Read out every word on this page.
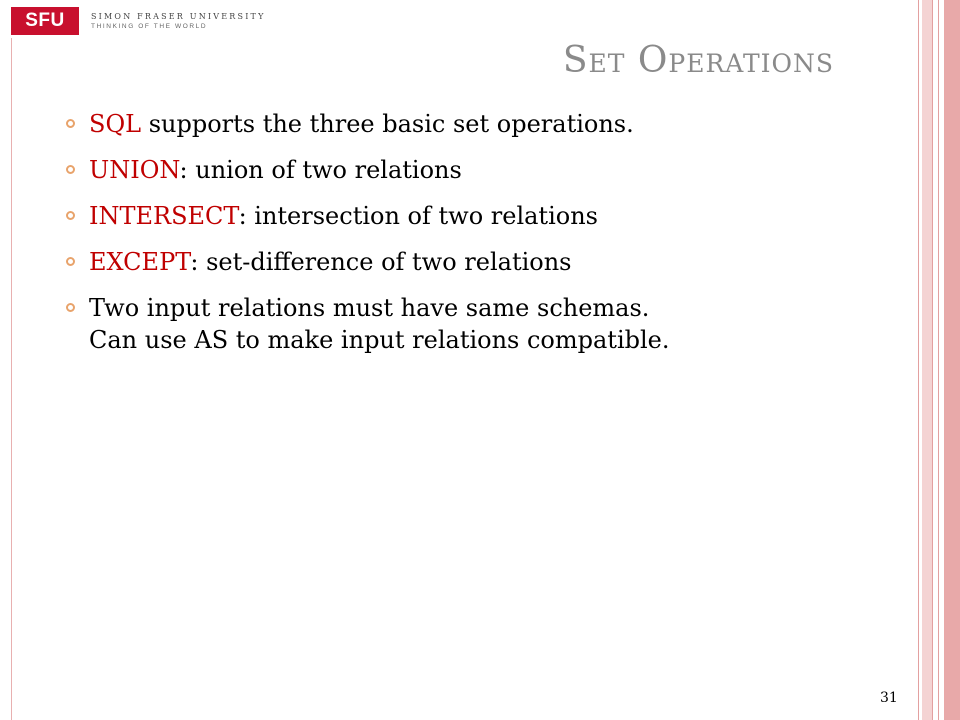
SFU	SIMON FRASER UNIVERSITY
THINKING OF THE WORLD
Set Operations
SQL supports the three basic set operations.
UNION: union of two relations
INTERSECT: intersection of two relations
EXCEPT: set-difference of two relations
Two input relations must have same schemas.
Can use AS to make input relations compatible.
31
